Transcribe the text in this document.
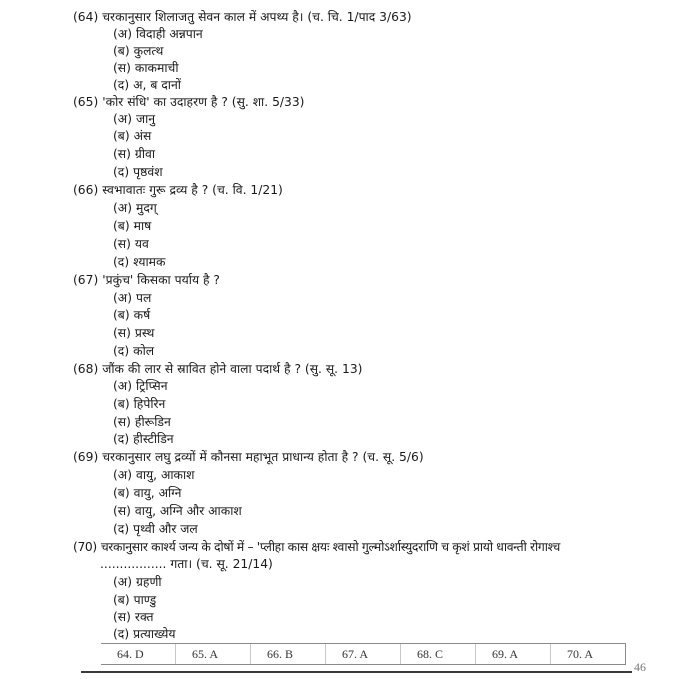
(64) चरकानुसार शिलाजतु सेवन काल में अपथ्य है। (च. चि. 1/पाद 3/63)
(अ) विदाही अन्नपान
(ब) कुलत्थ
(स) काकमाची
(द) अ, ब दानों
(65) 'कोर संधि' का उदाहरण है ? (सु. शा. 5/33)
(अ) जानु
(ब) अंस
(स) ग्रीवा
(द) पृष्ठवंश
(66) स्वभावातः गुरू द्रव्य है ? (च. वि. 1/21)
(अ) मुदग्
(ब) माष
(स) यव
(द) श्यामक
(67) 'प्रकुंच' किसका पर्याय है ?
(अ) पल
(ब) कर्ष
(स) प्रस्थ
(द) कोल
(68) जौंक की लार से स्रावित होने वाला पदार्थ है ? (सु. सू. 13)
(अ) ट्रिप्सिन
(ब) हिपेरिन
(स) हीरूडिन
(द) हीस्टीडिन
(69) चरकानुसार लघु द्रव्यों में कौनसा महाभूत प्राधान्य होता है ? (च. सू. 5/6)
(अ) वायु, आकाश
(ब) वायु, अग्नि
(स) वायु, अग्नि और आकाश
(द) पृथ्वी और जल
(70) चरकानुसार कार्श्य जन्य के दोषों में – 'प्लीहा कास क्षयः श्वासो गुल्मोऽर्शास्युदराणि च कृशं प्रायो धावन्ती रोगाश्च
................. गता। (च. सू. 21/14)
(अ) ग्रहणी
(ब) पाण्डु
(स) रक्त
(द) प्रत्याख्येय
64. D	65. A	66. B	67. A	68. C	69. A	70. A
46
